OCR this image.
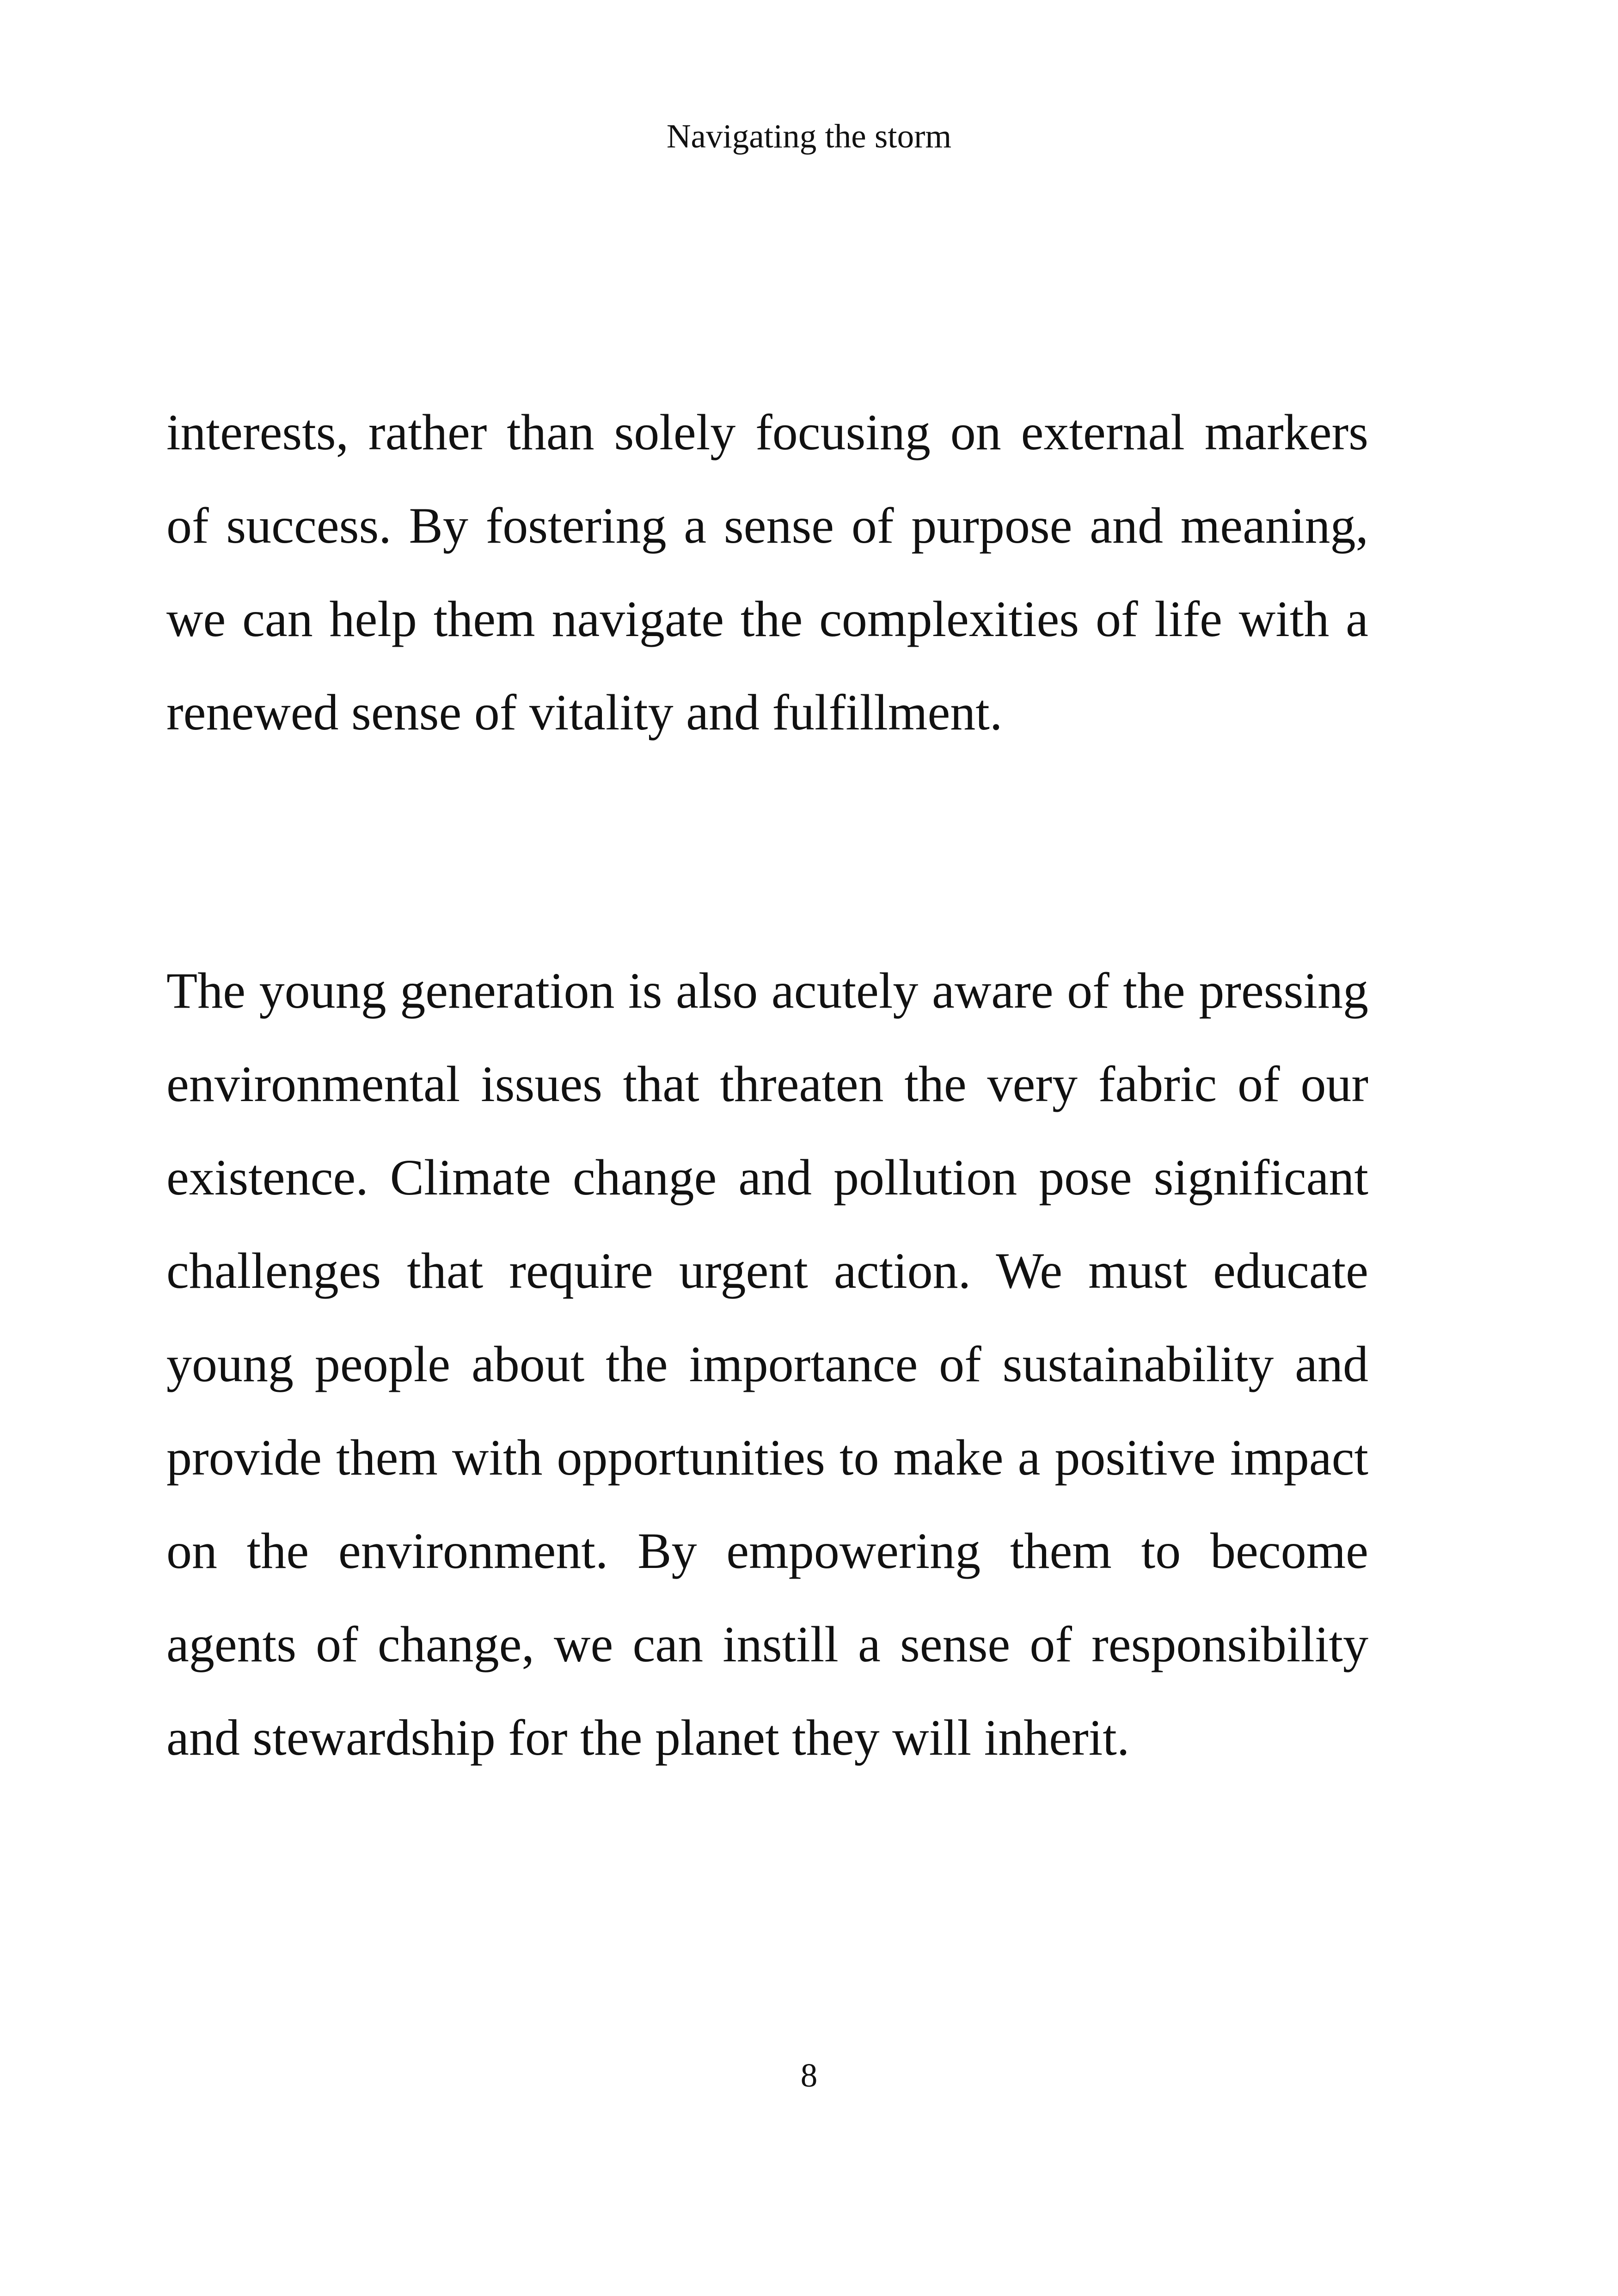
Navigating the storm

interests, rather than solely focusing on external markers of success. By fostering a sense of purpose and meaning, we can help them navigate the complexities of life with a renewed sense of vitality and fulfillment.

The young generation is also acutely aware of the pressing environmental issues that threaten the very fabric of our existence. Climate change and pollution pose significant challenges that require urgent action. We must educate young people about the importance of sustainability and provide them with opportunities to make a positive impact on the environment. By empowering them to become agents of change, we can instill a sense of responsibility and stewardship for the planet they will inherit.

8
